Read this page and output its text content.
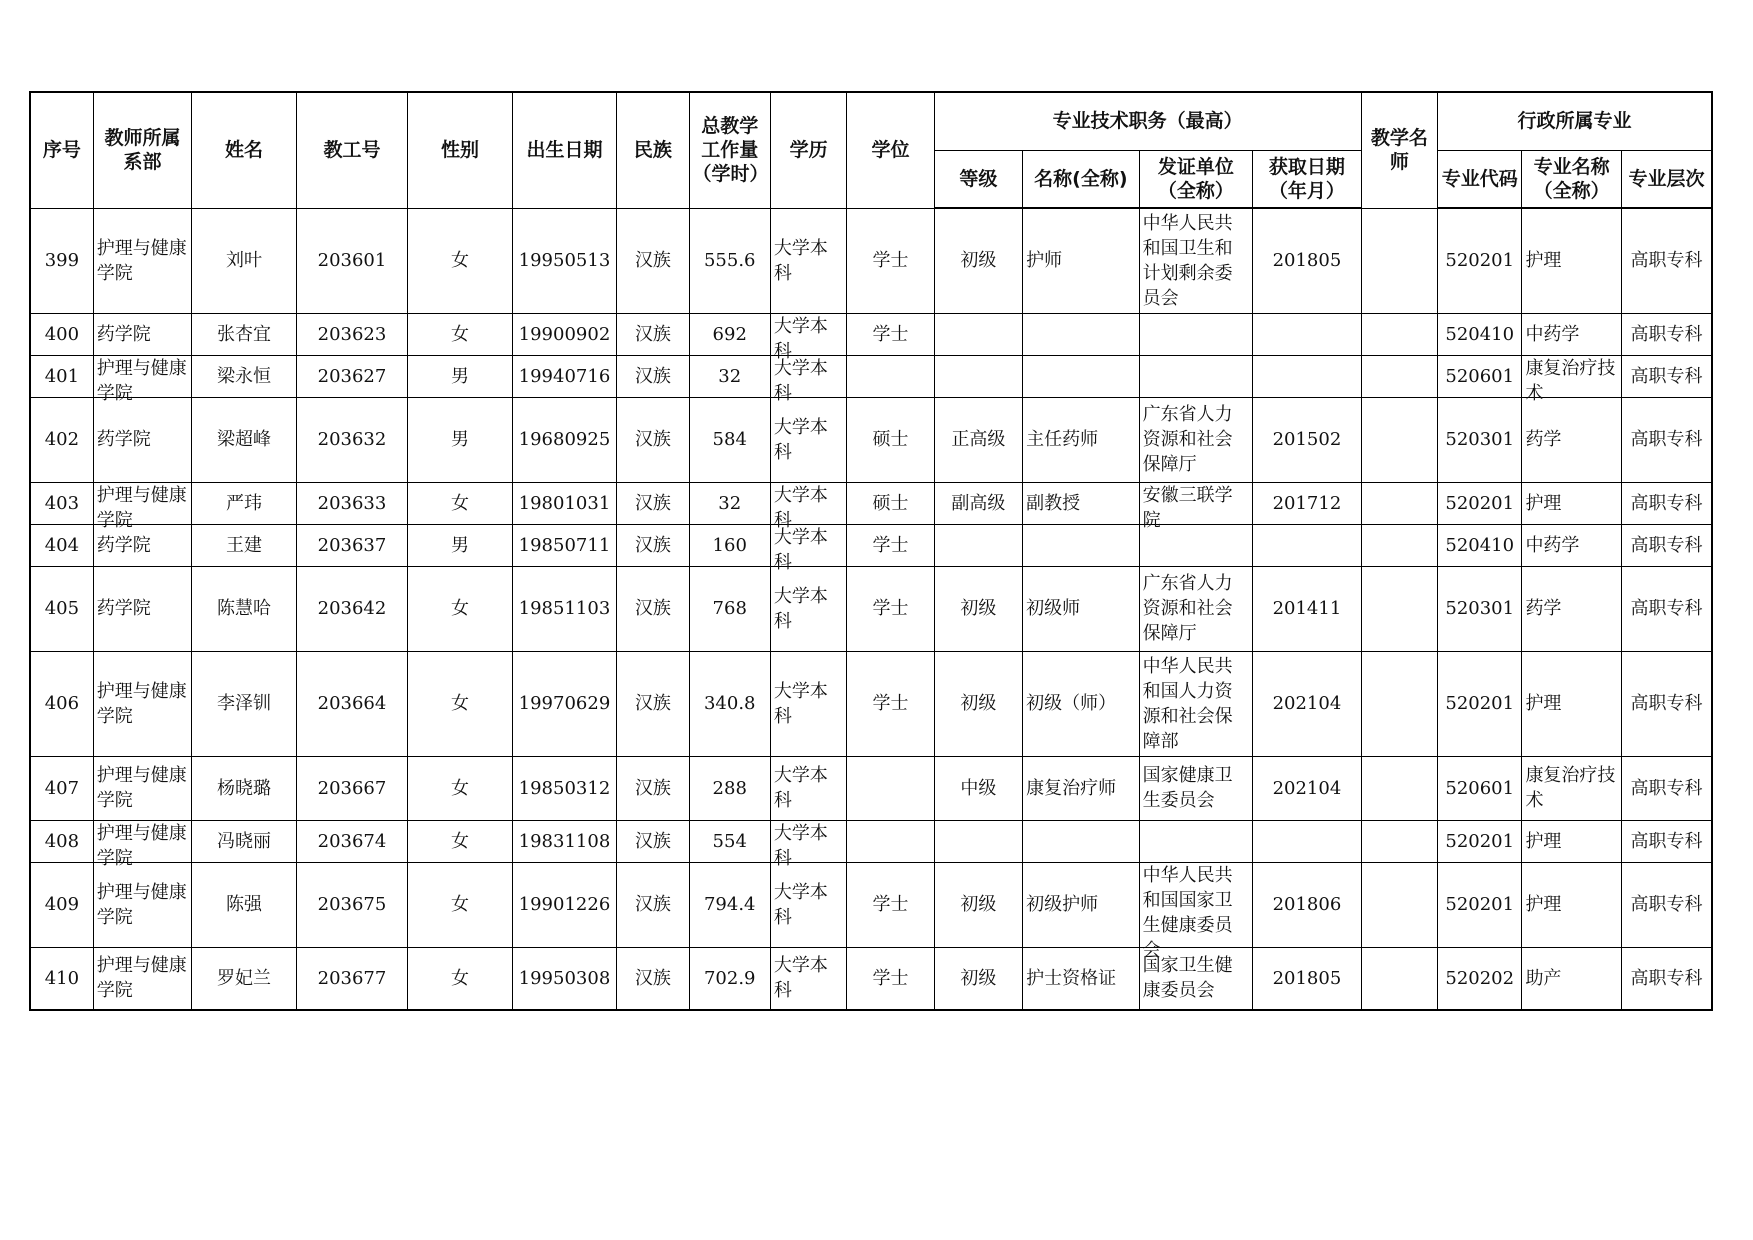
序号	教师所属系部	姓名	教工号	性别	出生日期	民族	总教学工作量（学时）	学历	学位	专业技术职务（最高）				教学名师	行政所属专业		
										等级	名称(全称)	发证单位（全称）	获取日期（年月）		专业代码	专业名称（全称）	专业层次

399	护理与健康学院	刘叶	203601	女	19950513	汉族	555.6	大学本科	学士	初级	护师	中华人民共和国卫生和计划剩余委员会	201805		520201	护理	高职专科

400	药学院	张杏宜	203623	女	19900902	汉族	692	大学本科	学士						520410	中药学	高职专科

401	护理与健康学院	梁永恒	203627	男	19940716	汉族	32	大学本科							520601	康复治疗技术	高职专科

402	药学院	梁超峰	203632	男	19680925	汉族	584	大学本科	硕士	正高级	主任药师	广东省人力资源和社会保障厅	201502		520301	药学	高职专科

403	护理与健康学院	严玮	203633	女	19801031	汉族	32	大学本科	硕士	副高级	副教授	安徽三联学院	201712		520201	护理	高职专科

404	药学院	王建	203637	男	19850711	汉族	160	大学本科	学士						520410	中药学	高职专科

405	药学院	陈慧哈	203642	女	19851103	汉族	768	大学本科	学士	初级	初级师	广东省人力资源和社会保障厅	201411		520301	药学	高职专科

406	护理与健康学院	李泽钏	203664	女	19970629	汉族	340.8	大学本科	学士	初级	初级（师）	中华人民共和国人力资源和社会保障部	202104		520201	护理	高职专科

407	护理与健康学院	杨晓璐	203667	女	19850312	汉族	288	大学本科		中级	康复治疗师	国家健康卫生委员会	202104		520601	康复治疗技术	高职专科

408	护理与健康学院	冯晓丽	203674	女	19831108	汉族	554	大学本科							520201	护理	高职专科

409	护理与健康学院	陈强	203675	女	19901226	汉族	794.4	大学本科	学士	初级	初级护师	中华人民共和国国家卫生健康委员会	201806		520201	护理	高职专科

410	护理与健康学院	罗妃兰	203677	女	19950308	汉族	702.9	大学本科	学士	初级	护士资格证	国家卫生健康委员会	201805		520202	助产	高职专科
